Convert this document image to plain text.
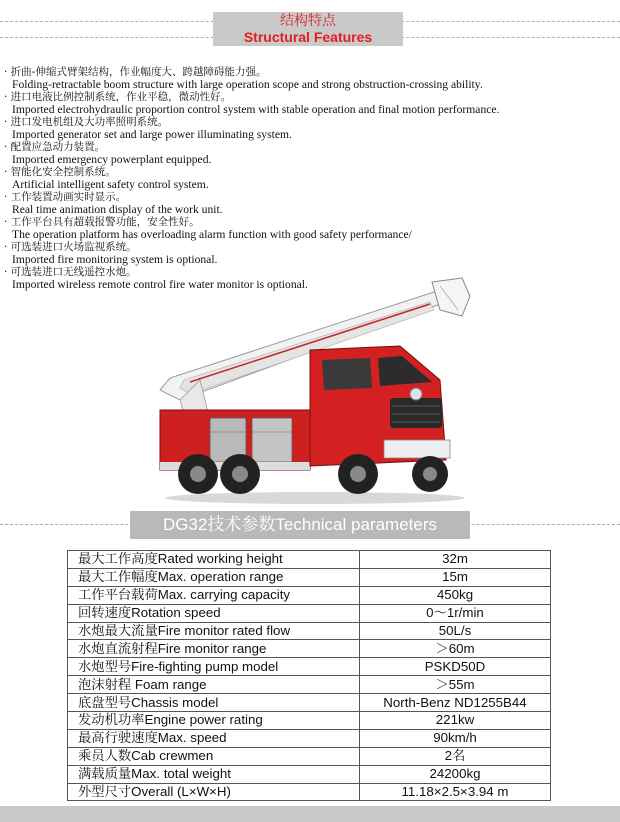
结构特点
Structural Features
· 折曲-伸缩式臂架结构，作业幅度大、跨越障碍能力强。
Folding-retractable boom structure with large operation scope and strong obstruction-crossing ability.
· 进口电液比例控制系统，作业平稳，微动性好。
Imported electrohydraulic proportion control system with stable operation and final motion performance.
· 进口发电机组及大功率照明系统。
Imported generator set and large power illuminating system.
· 配置应急动力装置。
Imported emergency powerplant equipped.
· 智能化安全控制系统。
Artificial intelligent safety control system.
· 工作装置动画实时显示。
Real time animation display of the work unit.
· 工作平台具有超载报警功能，安全性好。
The operation platform has overloading alarm function with good safety performance/
· 可选装进口火场监视系统。
Imported fire monitoring system is optional.
· 可选装进口无线遥控水炮。
Imported wireless remote control fire water monitor is optional.
DG32技术参数Technical parameters
最大工作高度Rated working height	32m
最大工作幅度Max. operation range	15m
工作平台载荷Max. carrying capacity	450kg
回转速度Rotation speed	0～1r/min
水炮最大流量Fire monitor rated flow	50L/s
水炮直流射程Fire monitor range	＞60m
水炮型号Fire-fighting pump model	PSKD50D
泡沫射程 Foam range	＞55m
底盘型号Chassis model	North-Benz ND1255B44
发动机功率Engine power rating	221kw
最高行驶速度Max. speed	90km/h
乘员人数Cab crewmen	2名
满载质量Max. total weight	24200kg
外型尺寸Overall (L×W×H)	11.18×2.5×3.94 m
